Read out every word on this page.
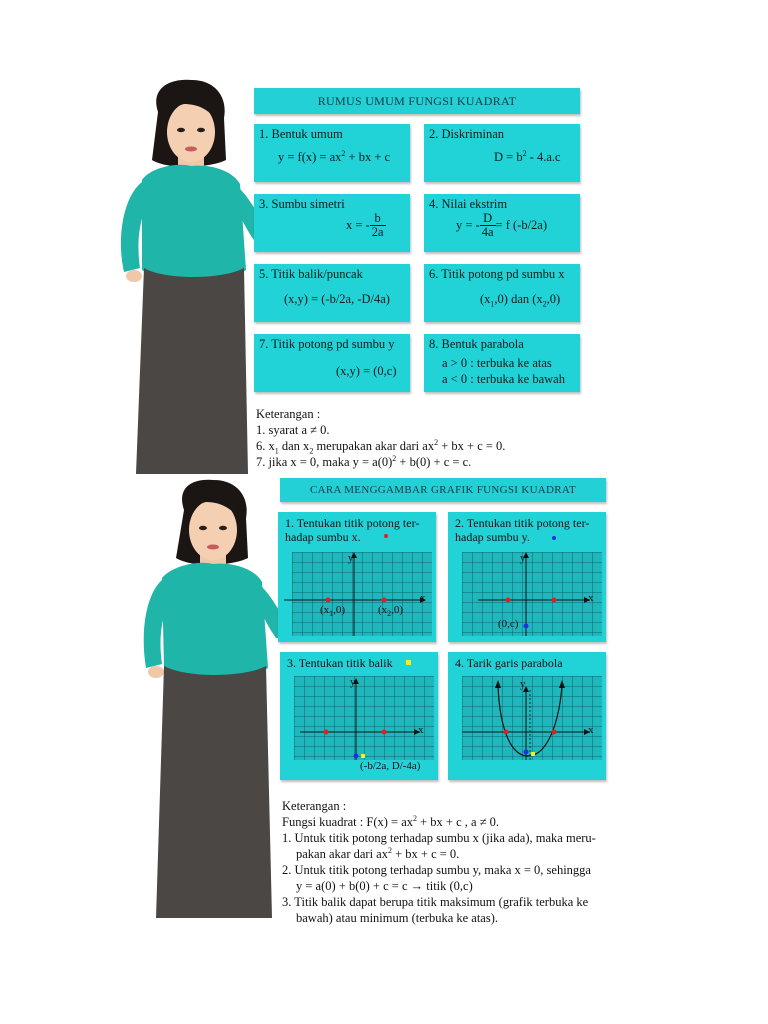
RUMUS UMUM FUNGSI KUADRAT
1. Bentuk umum
$y = f(x) = ax^2$ + bx + c
2. Diskriminan
$D = b^2 - 4.a.c$
3. Sumbu simetri
x = - $\frac{b}{2a}$
4. Nilai ekstrim
y = - $\frac{D}{4a} = f$ (-b/2a)
5. Titik balik/puncak
(x,y) = (-b/2a, -D/4a)
6. Titik potong pd sumbu x
$(x_1,0)$ dan $(x_2,0)$
7. Titik potong pd sumbu y
(x,y) = (0,c)
8. Bentuk parabola
a > 0 : terbuka ke atas
a < 0 : terbuka ke bawah
Keterangan :
1. syarat a ≠ 0.
6. $x_1$ dan $x_2$ merupakan akar dari $ax^2$ + bx + c = 0.
7. jika x = 0, maka $y = a(0)^2 + b(0) + c = c$.
CARA MENGGAMBAR GRAFIK FUNGSI KUADRAT
1. Tentukan titik potong ter-
hadap sumbu x.
y
x
$(x_1,0)$	$(x_2,0)$
2. Tentukan titik potong ter-
hadap sumbu y.
y
x
(0,c)
3. Tentukan titik balik
y
x
(-b/2a, D/-4a)
4. Tarik garis parabola
y
x
Keterangan :
Fungsi kuadrat : $F(x) = ax^2$ + bx + c , a ≠ 0.
1. Untuk titik potong terhadap sumbu x (jika ada), maka meru-
pakan akar dari $ax^2$ + bx + c = 0.
2. Untuk titik potong terhadap sumbu y, maka x = 0, sehingga
y = a(0) + b(0) + c = c → titik (0,c)
3. Titik balik dapat berupa titik maksimum (grafik terbuka ke
bawah) atau minimum (terbuka ke atas).
